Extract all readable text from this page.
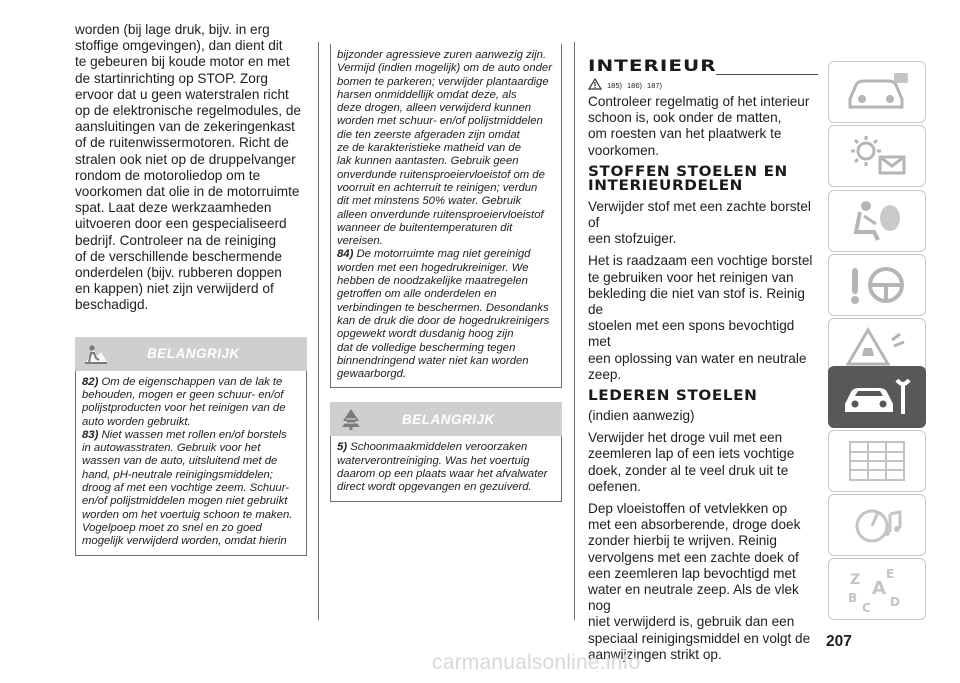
worden (bij lage druk, bijv. in erg
stoffige omgevingen), dan dient dit
te gebeuren bij koude motor en met
de startinrichting op STOP. Zorg
ervoor dat u geen waterstralen richt
op de elektronische regelmodules, de
aansluitingen van de zekeringenkast
of de ruitenwissermotoren. Richt de
stralen ook niet op de druppelvanger
rondom de motoroliedop om te
voorkomen dat olie in de motorruimte
spat. Laat deze werkzaamheden
uitvoeren door een gespecialiseerd
bedrijf. Controleer na de reiniging
of de verschillende beschermende
onderdelen (bijv. rubberen doppen
en kappen) niet zijn verwijderd of
beschadigd.

BELANGRIJK

82) Om de eigenschappen van de lak te
behouden, mogen er geen schuur- en/of
polijstproducten voor het reinigen van de
auto worden gebruikt.

83) Niet wassen met rollen en/of borstels
in autowasstraten. Gebruik voor het
wassen van de auto, uitsluitend met de
hand, pH-neutrale reinigingsmiddelen;
droog af met een vochtige zeem. Schuur-
en/of polijstmiddelen mogen niet gebruikt
worden om het voertuig schoon te maken.
Vogelpoep moet zo snel en zo goed
mogelijk verwijderd worden, omdat hierin

bijzonder agressieve zuren aanwezig zijn.
Vermijd (indien mogelijk) om de auto onder
bomen te parkeren; verwijder plantaardige
harsen onmiddellijk omdat deze, als
deze drogen, alleen verwijderd kunnen
worden met schuur- en/of polijstmiddelen
die ten zeerste afgeraden zijn omdat
ze de karakteristieke matheid van de
lak kunnen aantasten. Gebruik geen
onverdunde ruitensproeiervloeistof om de
voorruit en achterruit te reinigen; verdun
dit met minstens 50% water. Gebruik
alleen onverdunde ruitensproeiervloeistof
wanneer de buitentemperaturen dit
vereisen.

84) De motorruimte mag niet gereinigd
worden met een hogedrukreiniger. We
hebben de noodzakelijke maatregelen
getroffen om alle onderdelen en
verbindingen te beschermen. Desondanks
kan de druk die door de hogedrukreinigers
opgewekt wordt dusdanig hoog zijn
dat de volledige bescherming tegen
binnendringend water niet kan worden
gewaarborgd.

BELANGRIJK

5) Schoonmaakmiddelen veroorzaken
waterverontreiniging. Was het voertuig
daarom op een plaats waar het afvalwater
direct wordt opgevangen en gezuiverd.

INTERIEUR
185) 186) 187)

Controleer regelmatig of het interieur
schoon is, ook onder de matten,
om roesten van het plaatwerk te
voorkomen.

STOFFEN STOELEN EN
INTERIEURDELEN

Verwijder stof met een zachte borstel of
een stofzuiger.

Het is raadzaam een vochtige borstel
te gebruiken voor het reinigen van
bekleding die niet van stof is. Reinig de
stoelen met een spons bevochtigd met
een oplossing van water en neutrale
zeep.

LEDEREN STOELEN

(indien aanwezig)

Verwijder het droge vuil met een
zeemleren lap of een iets vochtige
doek, zonder al te veel druk uit te
oefenen.

Dep vloeistoffen of vetvlekken op
met een absorberende, droge doek
zonder hierbij te wrijven. Reinig
vervolgens met een zachte doek of
een zeemleren lap bevochtigd met
water en neutrale zeep. Als de vlek nog
niet verwijderd is, gebruik dan een
speciaal reinigingsmiddel en volgt de
aanwijzingen strikt op.

Z E
A
B
C D
207
carmanualsonline.info
